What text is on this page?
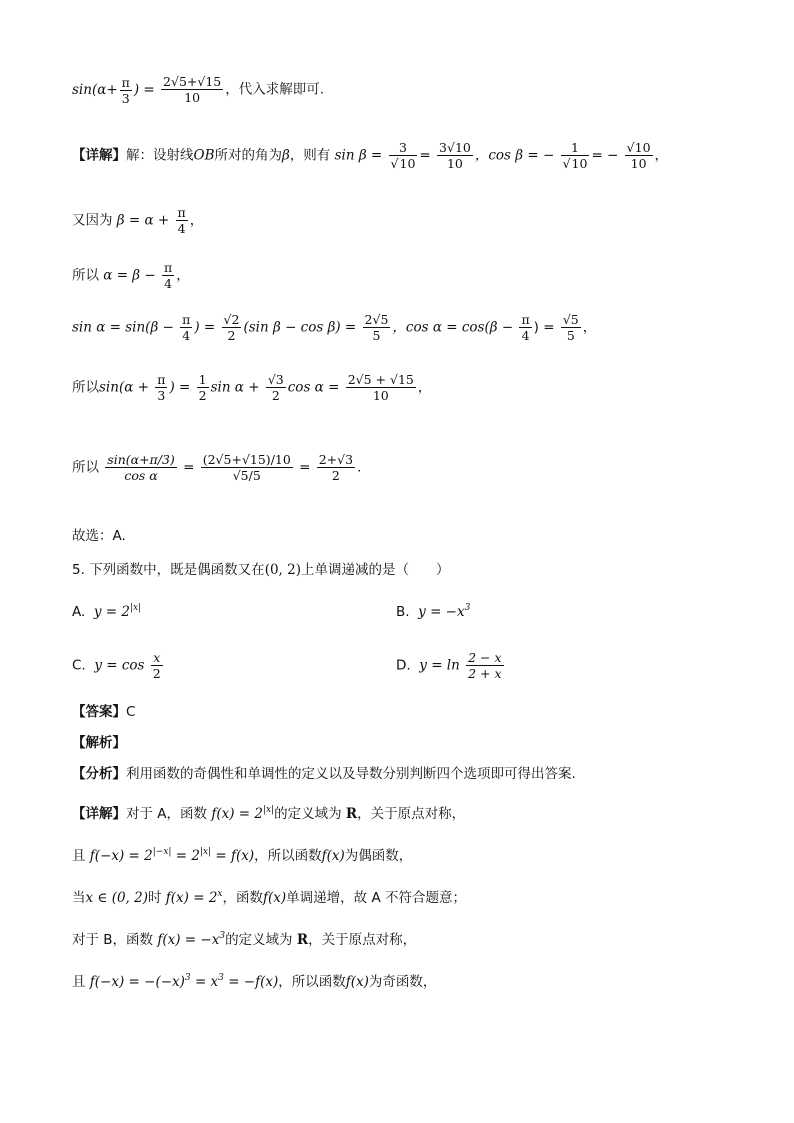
$\sin(\alpha+ \frac{\pi}{3}$ ) = $\frac{2√5+√15}{10}$ ，代入求解即可.
【详解】解：设射线OB所对的角为β，则有 $\sin \beta = \frac{3}{√10} = \frac{3√10}{10}$ ，cos β = − $\frac{1}{√10}$ = − $\frac{√10}{10}$ ，
又因为 $\beta = \alpha + \frac{\pi}{4}$ ，
所以 $\alpha = \beta - \frac{\pi}{4}$ ，
$\sin \alpha = \sin(\beta - \frac{\pi}{4}$ ) = $\frac{√2}{2} (\sin$ $\beta - \cos \beta) = \frac{2√5}{5}$ ，$\cos \alpha = \cos(\beta - \frac{\pi}{4}$ ) = $\frac{√5}{5}$ ，
所以$\sin(\alpha + \frac{\pi}{3}$ ) = $\frac{1}{2}$ $\sin \alpha + \frac{√3}{2}$ $\cos \alpha = \frac{2√5 + √15}{10}$ ，
所以 $\frac{\sin(\alpha+\pi/3)}{\text{cos α}} = \frac{(2√5+√15)/10}{√5/5} = \frac{2+√3}{2}$ .
故选：A.
5. 下列函数中，既是偶函数又在(0, 2)上单调递减的是（　　）
A. $y = 2^{|x|}$	B. $y = -x^3$
C. $y = \cos \frac{x}{2}$	D. $y = \ln \frac{2 - x}{2 + x}$
【答案】C
【解析】
【分析】利用函数的奇偶性和单调性的定义以及导数分别判断四个选项即可得出答案.
【详解】对于 A，函数 $f(x) = 2^{|x|}$的定义域为 R，关于原点对称，
且 $f(-x) = 2^{|-x|} = 2^{|x|} = f(x)$，所以函数f(x)为偶函数，
当x ∈ (0, 2)时 $f(x) = 2^x$，函数f(x)单调递增，故 A 不符合题意；
对于 B，函数 $f(x) = -x^3$的定义域为 R，关于原点对称，
且 $f(-x) = -(-x)^3 = x^3 = -f(x)$，所以函数f(x)为奇函数，
